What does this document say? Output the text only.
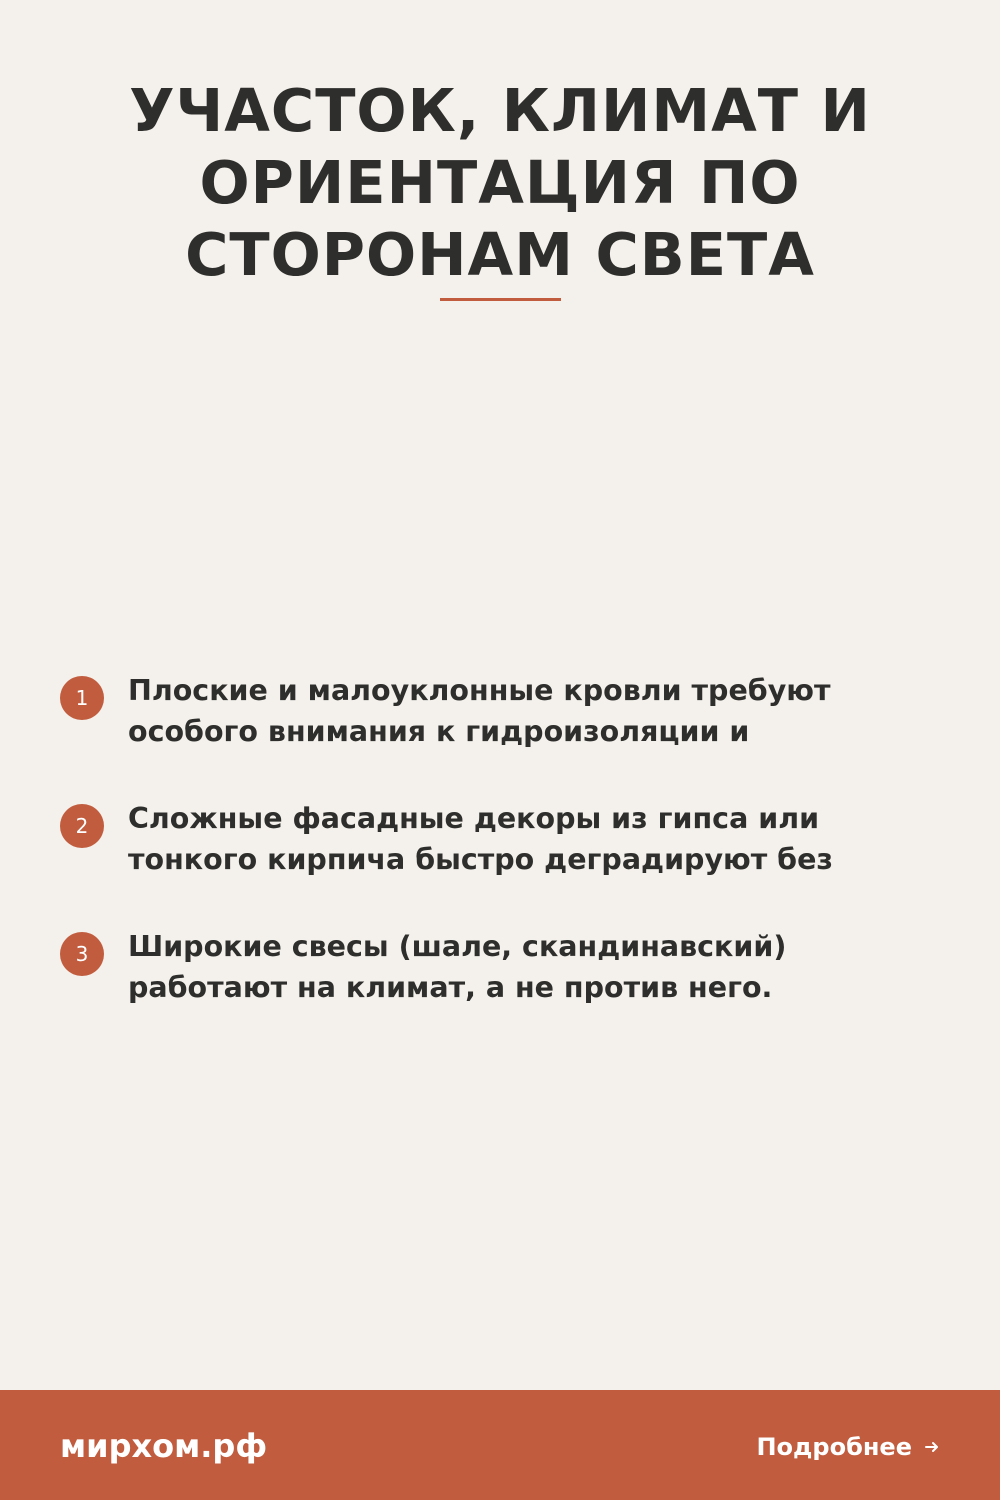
УЧАСТОК, КЛИМАТ И
ОРИЕНТАЦИЯ ПО
СТОРОНАМ СВЕТА
1	Плоские и малоуклонные кровли требуют
особого внимания к гидроизоляции и

2	Сложные фасадные декоры из гипса или
тонкого кирпича быстро деградируют без

3	Широкие свесы (шале, скандинавский)
работают на климат, а не против него.

мирхом.рф	Подробнее
